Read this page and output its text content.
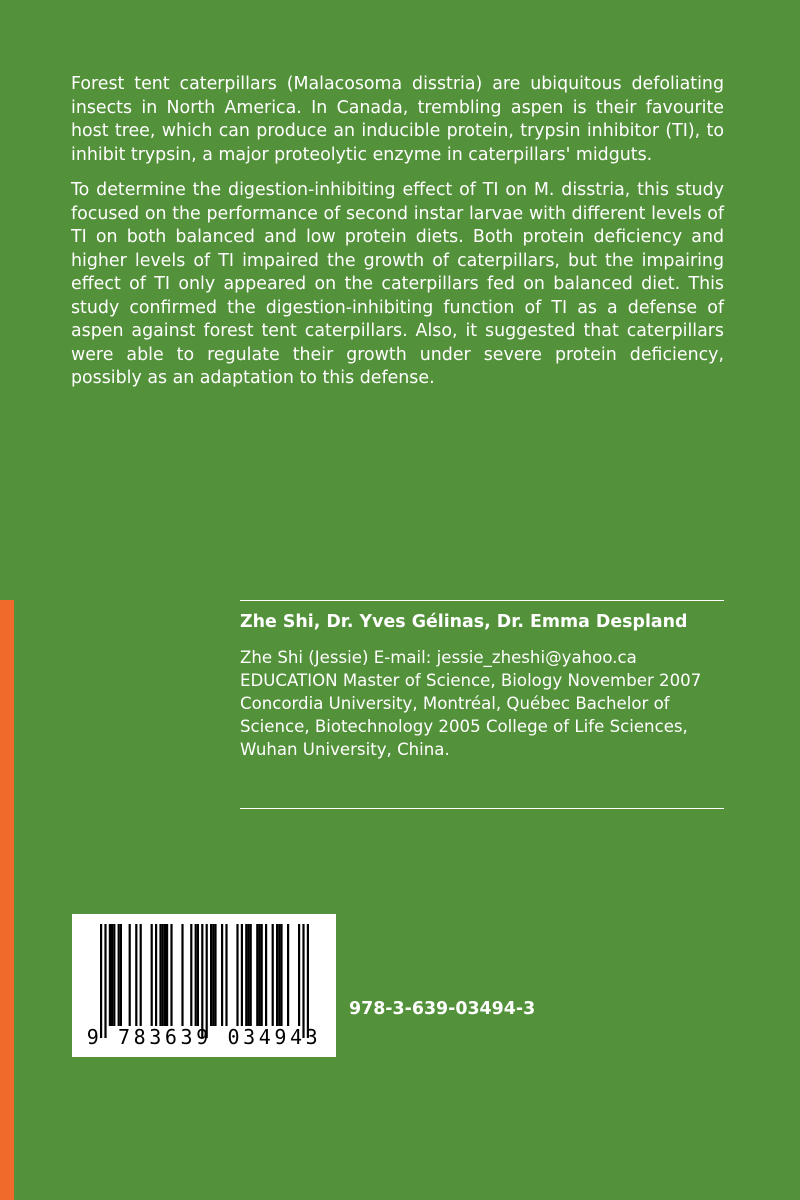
Forest tent caterpillars (Malacosoma disstria) are ubiquitous defoliating insects in North America. In Canada, trembling aspen is their favourite host tree, which can produce an inducible protein, trypsin inhibitor (TI), to inhibit trypsin, a major proteolytic enzyme in caterpillars' midguts.

To determine the digestion-inhibiting effect of TI on M. disstria, this study focused on the performance of second instar larvae with different levels of TI on both balanced and low protein diets. Both protein deficiency and higher levels of TI impaired the growth of caterpillars, but the impairing effect of TI only appeared on the caterpillars fed on balanced diet. This study confirmed the digestion-inhibiting function of TI as a defense of aspen against forest tent caterpillars. Also, it suggested that caterpillars were able to regulate their growth under severe protein deficiency, possibly as an adaptation to this defense.

Zhe Shi, Dr. Yves Gélinas, Dr. Emma Despland

Zhe Shi (Jessie) E-mail: jessie_zheshi@yahoo.ca EDUCATION Master of Science, Biology November 2007 Concordia University, Montréal, Québec Bachelor of Science, Biotechnology 2005 College of Life Sciences, Wuhan University, China.

9 783639 034943
978-3-639-03494-3
